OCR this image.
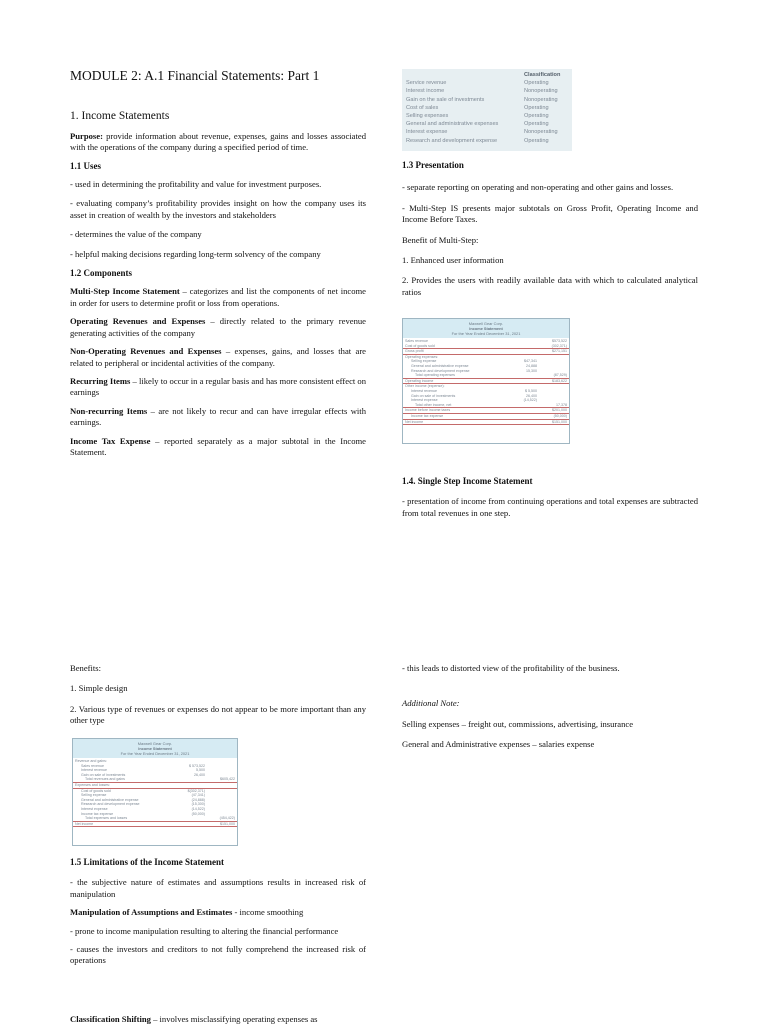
MODULE 2: A.1 Financial Statements: Part 1
1. Income Statements

Purpose: provide information about revenue, expenses, gains and losses associated with the operations of the company during a specified period of time.

1.1 Uses

- used in determining the profitability and value for investment purposes.

- evaluating company’s profitability provides insight on how the company uses its asset in creation of wealth by the investors and stakeholders

- determines the value of the company

- helpful making decisions regarding long-term solvency of the company

1.2 Components

Multi-Step Income Statement – categorizes and list the components of net income in order for users to determine profit or loss from operations.

Operating Revenues and Expenses – directly related to the primary revenue generating activities of the company

Non-Operating Revenues and Expenses – expenses, gains, and losses that are related to peripheral or incidental activities of the company.

Recurring Items – likely to occur in a regular basis and has more consistent effect on earnings

Non-recurring Items – are not likely to recur and can have irregular effects with earnings.

Income Tax Expense – reported separately as a major subtotal in the Income Statement.

Classification
Service revenue	Operating
Interest income	Nonoperating
Gain on the sale of investments	Nonoperating
Cost of sales	Operating
Selling expenses	Operating
General and administrative expenses	Operating
Interest expense	Nonoperating
Research and development expense	Operating

1.3 Presentation

- separate reporting on operating and non-operating and other gains and losses.

- Multi-Step IS presents major subtotals on Gross Profit, Operating Income and Income Before Taxes.

Benefit of Multi-Step:

1. Enhanced user information

2. Provides the users with readily available data with which to calculated analytical ratios

Maxwell Gear Corp.
Income Statement
For the Year Ended December 31, 2021
Sales revenue	$573,522
Cost of goods sold	(302,371)
Gross profit	$271,151
Operating expenses:
Selling expense	$47,341
General and administrative expense	24,888
Research and development expense	15,300
Total operating expenses	(87,529)
Operating income	$183,622
Other income (expense):
Interest revenue	$ 5,500
Gain on sale of investments	26,400
Interest expense	(14,522)
Total other income, net	17,378
Income before income taxes	$201,000
Income tax expense	(50,000)
Net income	$151,000

1.4. Single Step Income Statement

- presentation of income from continuing operations and total expenses are subtracted from total revenues in one step.

Benefits:

1. Simple design

2. Various type of revenues or expenses do not appear to be more important than any other type

Maxwell Gear Corp.
Income Statement
For the Year Ended December 31, 2021
Revenue and gains:
Sales revenue	$ 573,522
Interest revenue	5,500
Gain on sale of investments	26,400
Total revenues and gains	$605,422
Expenses and losses:
Cost of goods sold	$(302,371)
Selling expense	(47,341)
General and administrative expense	(24,888)
Research and development expense	(15,300)
Interest expense	(14,522)
Income tax expense	(50,000)
Total expenses and losses	(454,422)
Net income	$151,000

1.5 Limitations of the Income Statement

- the subjective nature of estimates and assumptions results in increased risk of manipulation

Manipulation of Assumptions and Estimates - income smoothing

- prone to income manipulation resulting to altering the financial performance

- causes the investors and creditors to not fully comprehend the increased risk of operations

Classification Shifting – involves misclassifying operating expenses as

- this leads to distorted view of the profitability of the business.

Additional Note:

Selling expenses – freight out, commissions, advertising, insurance

General and Administrative expenses – salaries expense
